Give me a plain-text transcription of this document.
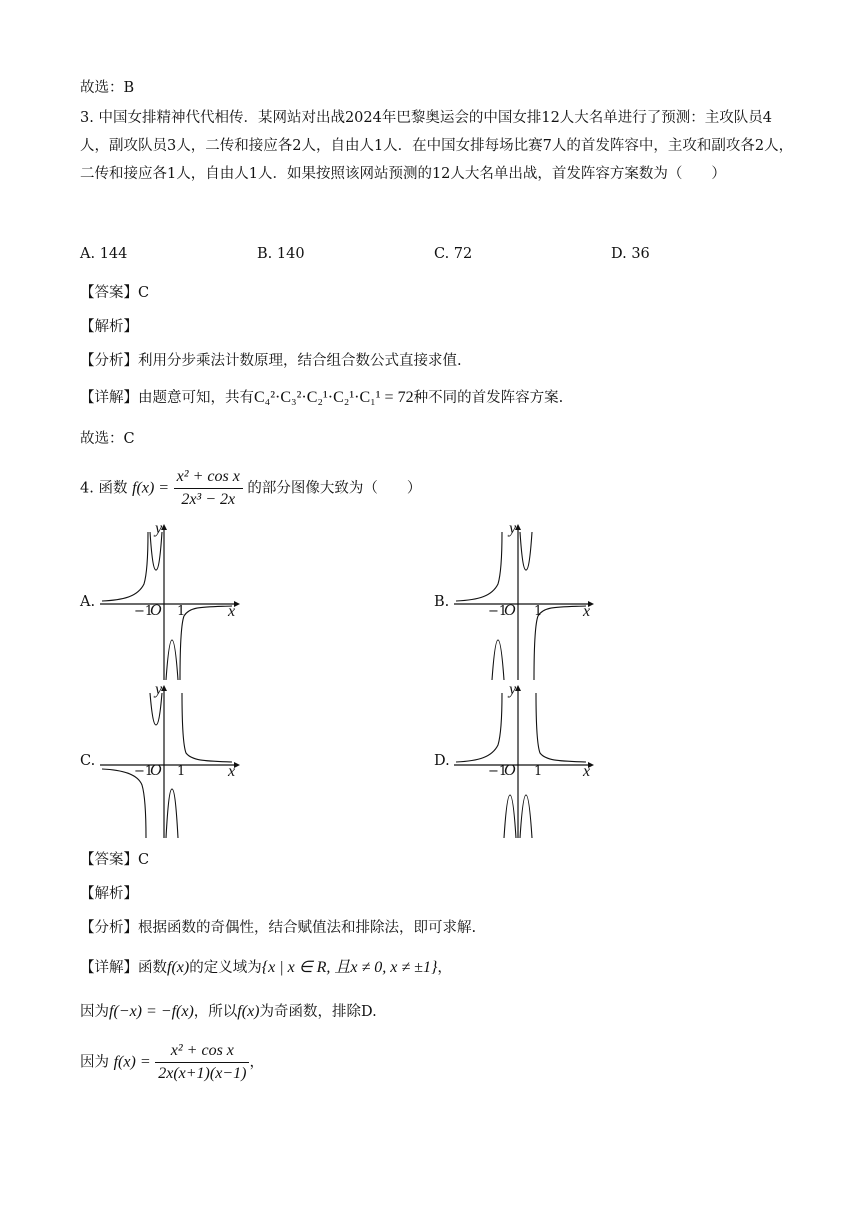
故选：B
3. 中国女排精神代代相传．某网站对出战2024年巴黎奥运会的中国女排12人大名单进行了预测：主攻队员4人，副攻队员3人，二传和接应各2人，自由人1人．在中国女排每场比赛7人的首发阵容中，主攻和副攻各2人，二传和接应各1人，自由人1人．如果按照该网站预测的12人大名单出战，首发阵容方案数为（　　）
A. 144	B. 140	C. 72	D. 36
【答案】C
【解析】
【分析】利用分步乘法计数原理，结合组合数公式直接求值.
【详解】由题意可知，共有C₄²·C₃²·C₂¹·C₂¹·C₁¹ = 72种不同的首发阵容方案.
故选：C
4. 函数 $f(x) = \frac{\text{x² + cos x}}{\text{2x³ − 2x}}$ 的部分图像大致为（　　）
A.
−1
O 1	x
y
B.
−1
O 1	x
y
C.
−1
O 1	x
y
D.
−1
O 1	x
y
【答案】C
【解析】
【分析】根据函数的奇偶性，结合赋值法和排除法，即可求解.
【详解】函数f(x)的定义域为{x | x ∈ R, 且x ≠ 0, x ≠ ±1}，
因为f(−x) = −f(x)，所以f(x)为奇函数，排除D.
因为 $f(x) = \frac{\text{x² + cos x}}{2x(x+1)(x-1)}$ ，
